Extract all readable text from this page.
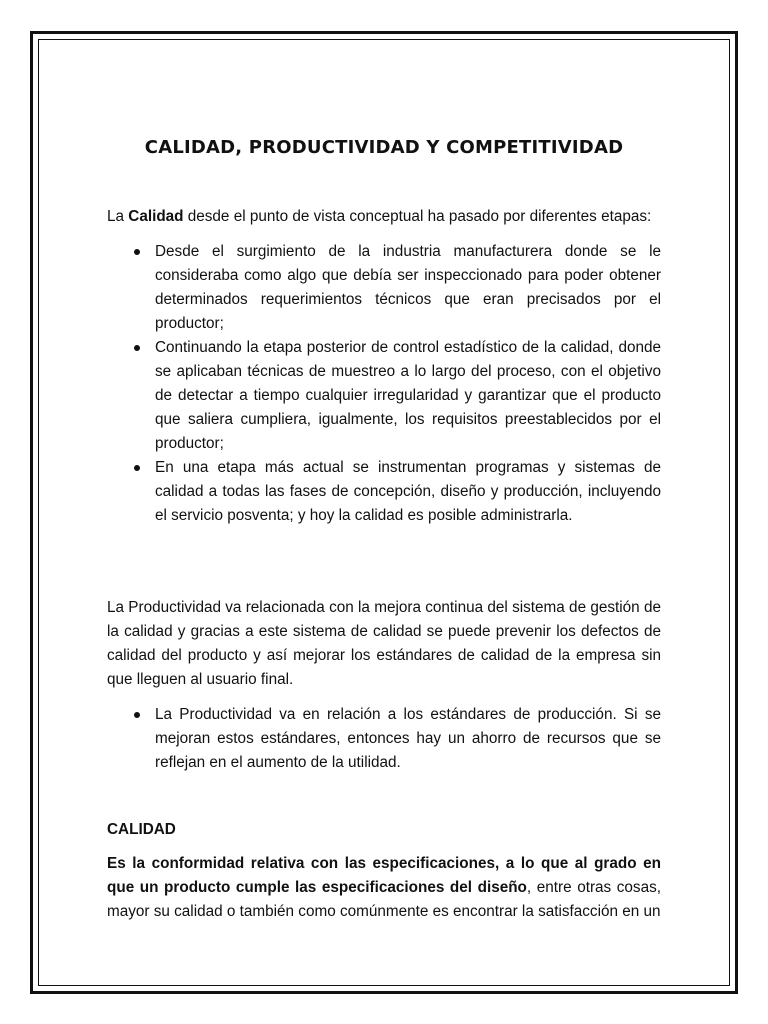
CALIDAD, PRODUCTIVIDAD Y COMPETITIVIDAD

La Calidad desde el punto de vista conceptual ha pasado por diferentes etapas:

Desde el surgimiento de la industria manufacturera donde se le consideraba como algo que debía ser inspeccionado para poder obtener determinados requerimientos técnicos que eran precisados por el productor;
Continuando la etapa posterior de control estadístico de la calidad, donde se aplicaban técnicas de muestreo a lo largo del proceso, con el objetivo de detectar a tiempo cualquier irregularidad y garantizar que el producto que saliera cumpliera, igualmente, los requisitos preestablecidos por el productor;
En una etapa más actual se instrumentan programas y sistemas de calidad a todas las fases de concepción, diseño y producción, incluyendo el servicio posventa; y hoy la calidad es posible administrarla.

La Productividad va relacionada con la mejora continua del sistema de gestión de la calidad y gracias a este sistema de calidad se puede prevenir los defectos de calidad del producto y así mejorar los estándares de calidad de la empresa sin que lleguen al usuario final.

La Productividad va en relación a los estándares de producción. Si se mejoran estos estándares, entonces hay un ahorro de recursos que se reflejan en el aumento de la utilidad.

CALIDAD

Es la conformidad relativa con las especificaciones, a lo que al grado en que un producto cumple las especificaciones del diseño, entre otras cosas, mayor su calidad o también como comúnmente es encontrar la satisfacción en un
